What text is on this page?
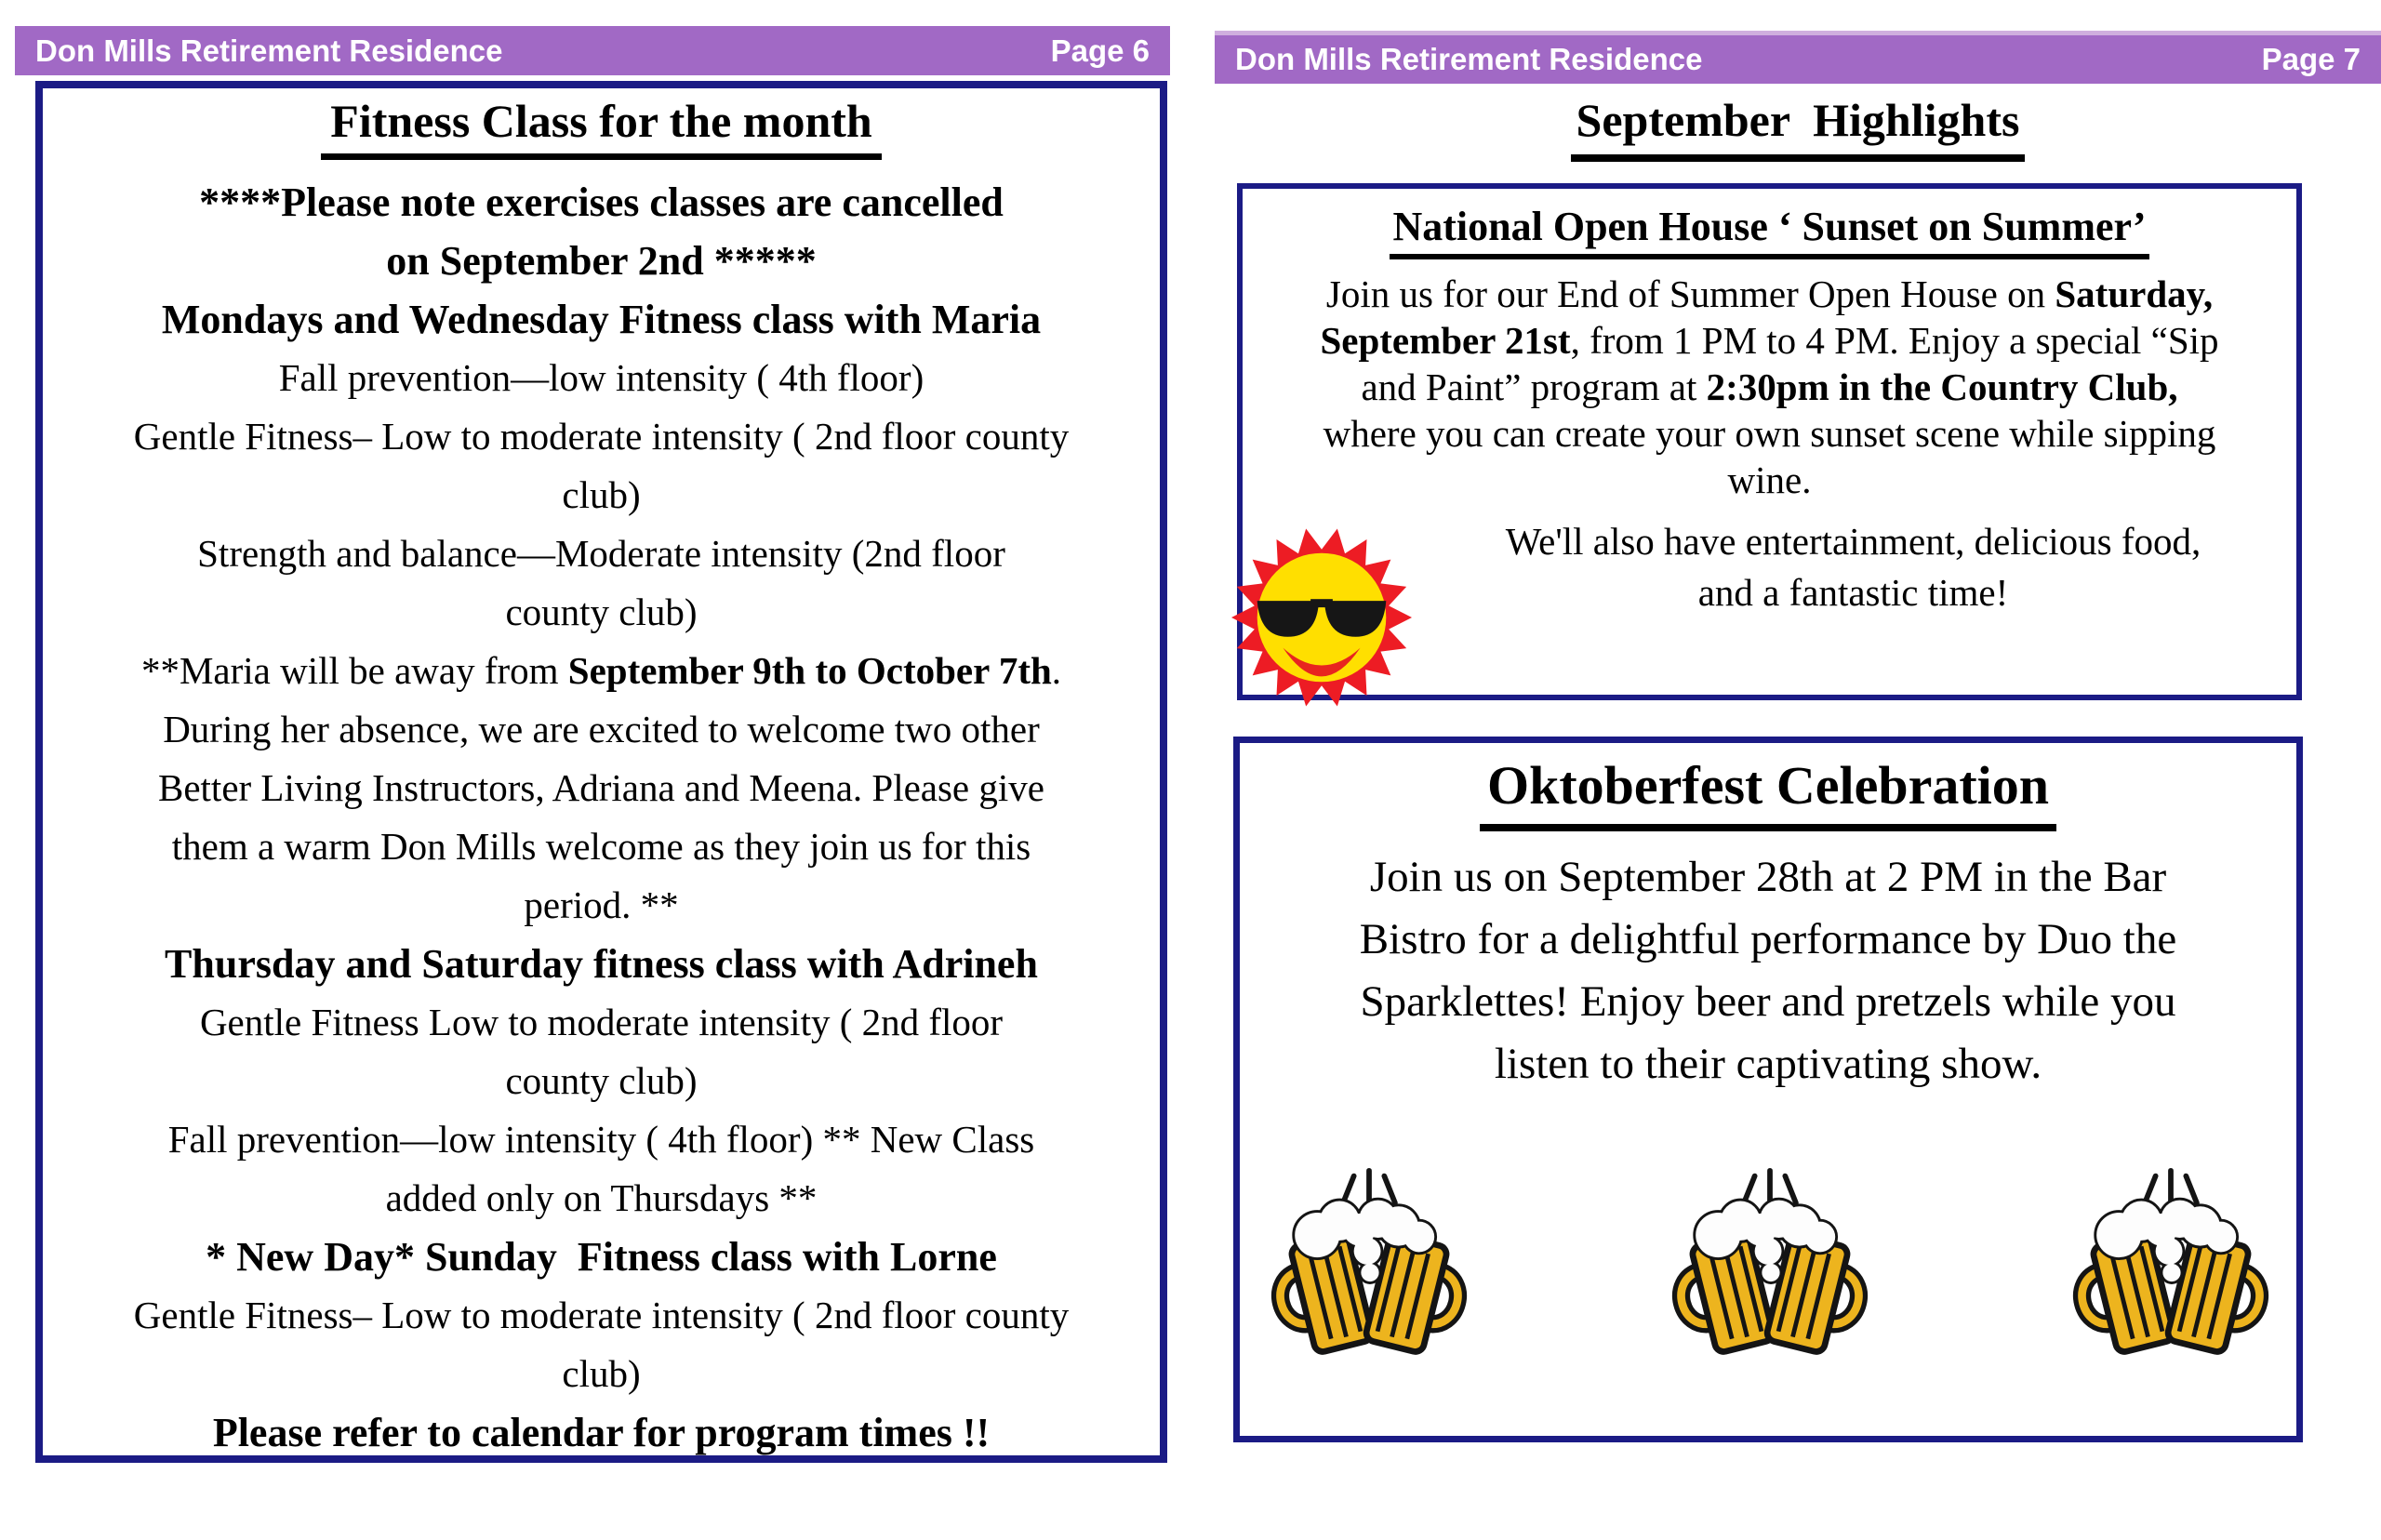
Don Mills Retirement Residence	Page 6
Fitness Class for the month
****Please note exercises classes are cancelled
on September 2nd *****
Mondays and Wednesday Fitness class with Maria
Fall prevention—low intensity ( 4th floor)
Gentle Fitness– Low to moderate intensity ( 2nd floor county
club)
Strength and balance—Moderate intensity (2nd floor
county club)
**Maria will be away from September 9th to October 7th.
During her absence, we are excited to welcome two other
Better Living Instructors, Adriana and Meena. Please give
them a warm Don Mills welcome as they join us for this
period. **
Thursday and Saturday fitness class with Adrineh
Gentle Fitness Low to moderate intensity ( 2nd floor
county club)
Fall prevention—low intensity ( 4th floor) ** New Class
added only on Thursdays **
* New Day* Sunday  Fitness class with Lorne
Gentle Fitness– Low to moderate intensity ( 2nd floor county
club)
Please refer to calendar for program times !!
Don Mills Retirement Residence	Page 7
September  Highlights
National Open House ‘ Sunset on Summer’
Join us for our End of Summer Open House on Saturday,
September 21st, from 1 PM to 4 PM. Enjoy a special “Sip
and Paint” program at 2:30pm in the Country Club,
where you can create your own sunset scene while sipping
wine.
We'll also have entertainment, delicious food,
and a fantastic time!
Oktoberfest Celebration
Join us on September 28th at 2 PM in the Bar
Bistro for a delightful performance by Duo the
Sparklettes! Enjoy beer and pretzels while you
listen to their captivating show.
